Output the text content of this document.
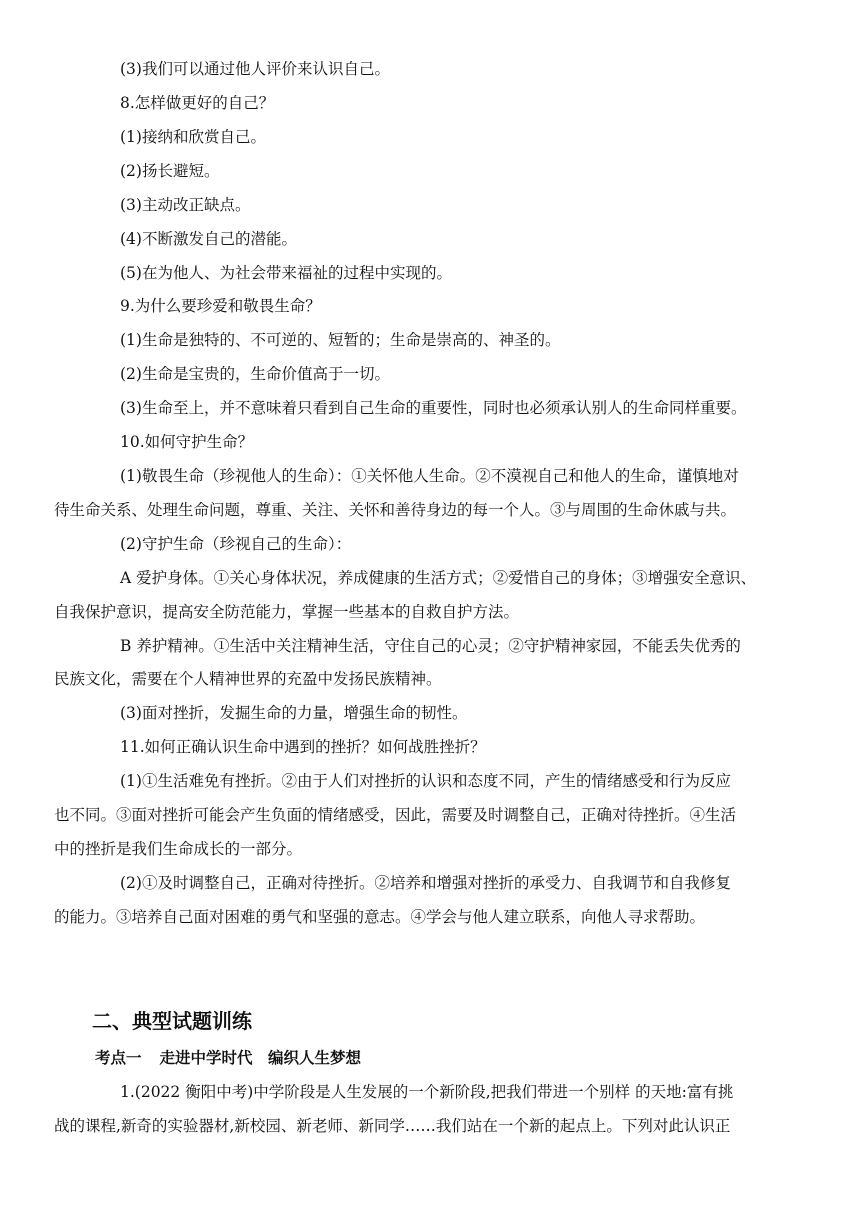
(3)我们可以通过他人评价来认识自己。
8.怎样做更好的自己？
(1)接纳和欣赏自己。
(2)扬长避短。
(3)主动改正缺点。
(4)不断激发自己的潜能。
(5)在为他人、为社会带来福祉的过程中实现的。
9.为什么要珍爱和敬畏生命？
(1)生命是独特的、不可逆的、短暂的；生命是崇高的、神圣的。
(2)生命是宝贵的，生命价值高于一切。
(3)生命至上，并不意味着只看到自己生命的重要性，同时也必须承认别人的生命同样重要。
10.如何守护生命？
(1)敬畏生命（珍视他人的生命）：①关怀他人生命。②不漠视自己和他人的生命，谨慎地对
待生命关系、处理生命问题，尊重、关注、关怀和善待身边的每一个人。③与周围的生命休戚与共。
(2)守护生命（珍视自己的生命）：
A 爱护身体。①关心身体状况，养成健康的生活方式；②爱惜自己的身体；③增强安全意识、
自我保护意识，提高安全防范能力，掌握一些基本的自救自护方法。
B 养护精神。①生活中关注精神生活，守住自己的心灵；②守护精神家园，不能丢失优秀的
民族文化，需要在个人精神世界的充盈中发扬民族精神。
(3)面对挫折，发掘生命的力量，增强生命的韧性。
11.如何正确认识生命中遇到的挫折？如何战胜挫折？
(1)①生活难免有挫折。②由于人们对挫折的认识和态度不同，产生的情绪感受和行为反应
也不同。③面对挫折可能会产生负面的情绪感受，因此，需要及时调整自己，正确对待挫折。④生活
中的挫折是我们生命成长的一部分。
(2)①及时调整自己，正确对待挫折。②培养和增强对挫折的承受力、自我调节和自我修复
的能力。③培养自己面对困难的勇气和坚强的意志。④学会与他人建立联系，向他人寻求帮助。
二、典型试题训练
考点一 走进中学时代　编织人生梦想
1.(2022 衡阳中考)中学阶段是人生发展的一个新阶段,把我们带进一个别样 的天地:富有挑
战的课程,新奇的实验器材,新校园、新老师、新同学……我们站在一个新的起点上。下列对此认识正
